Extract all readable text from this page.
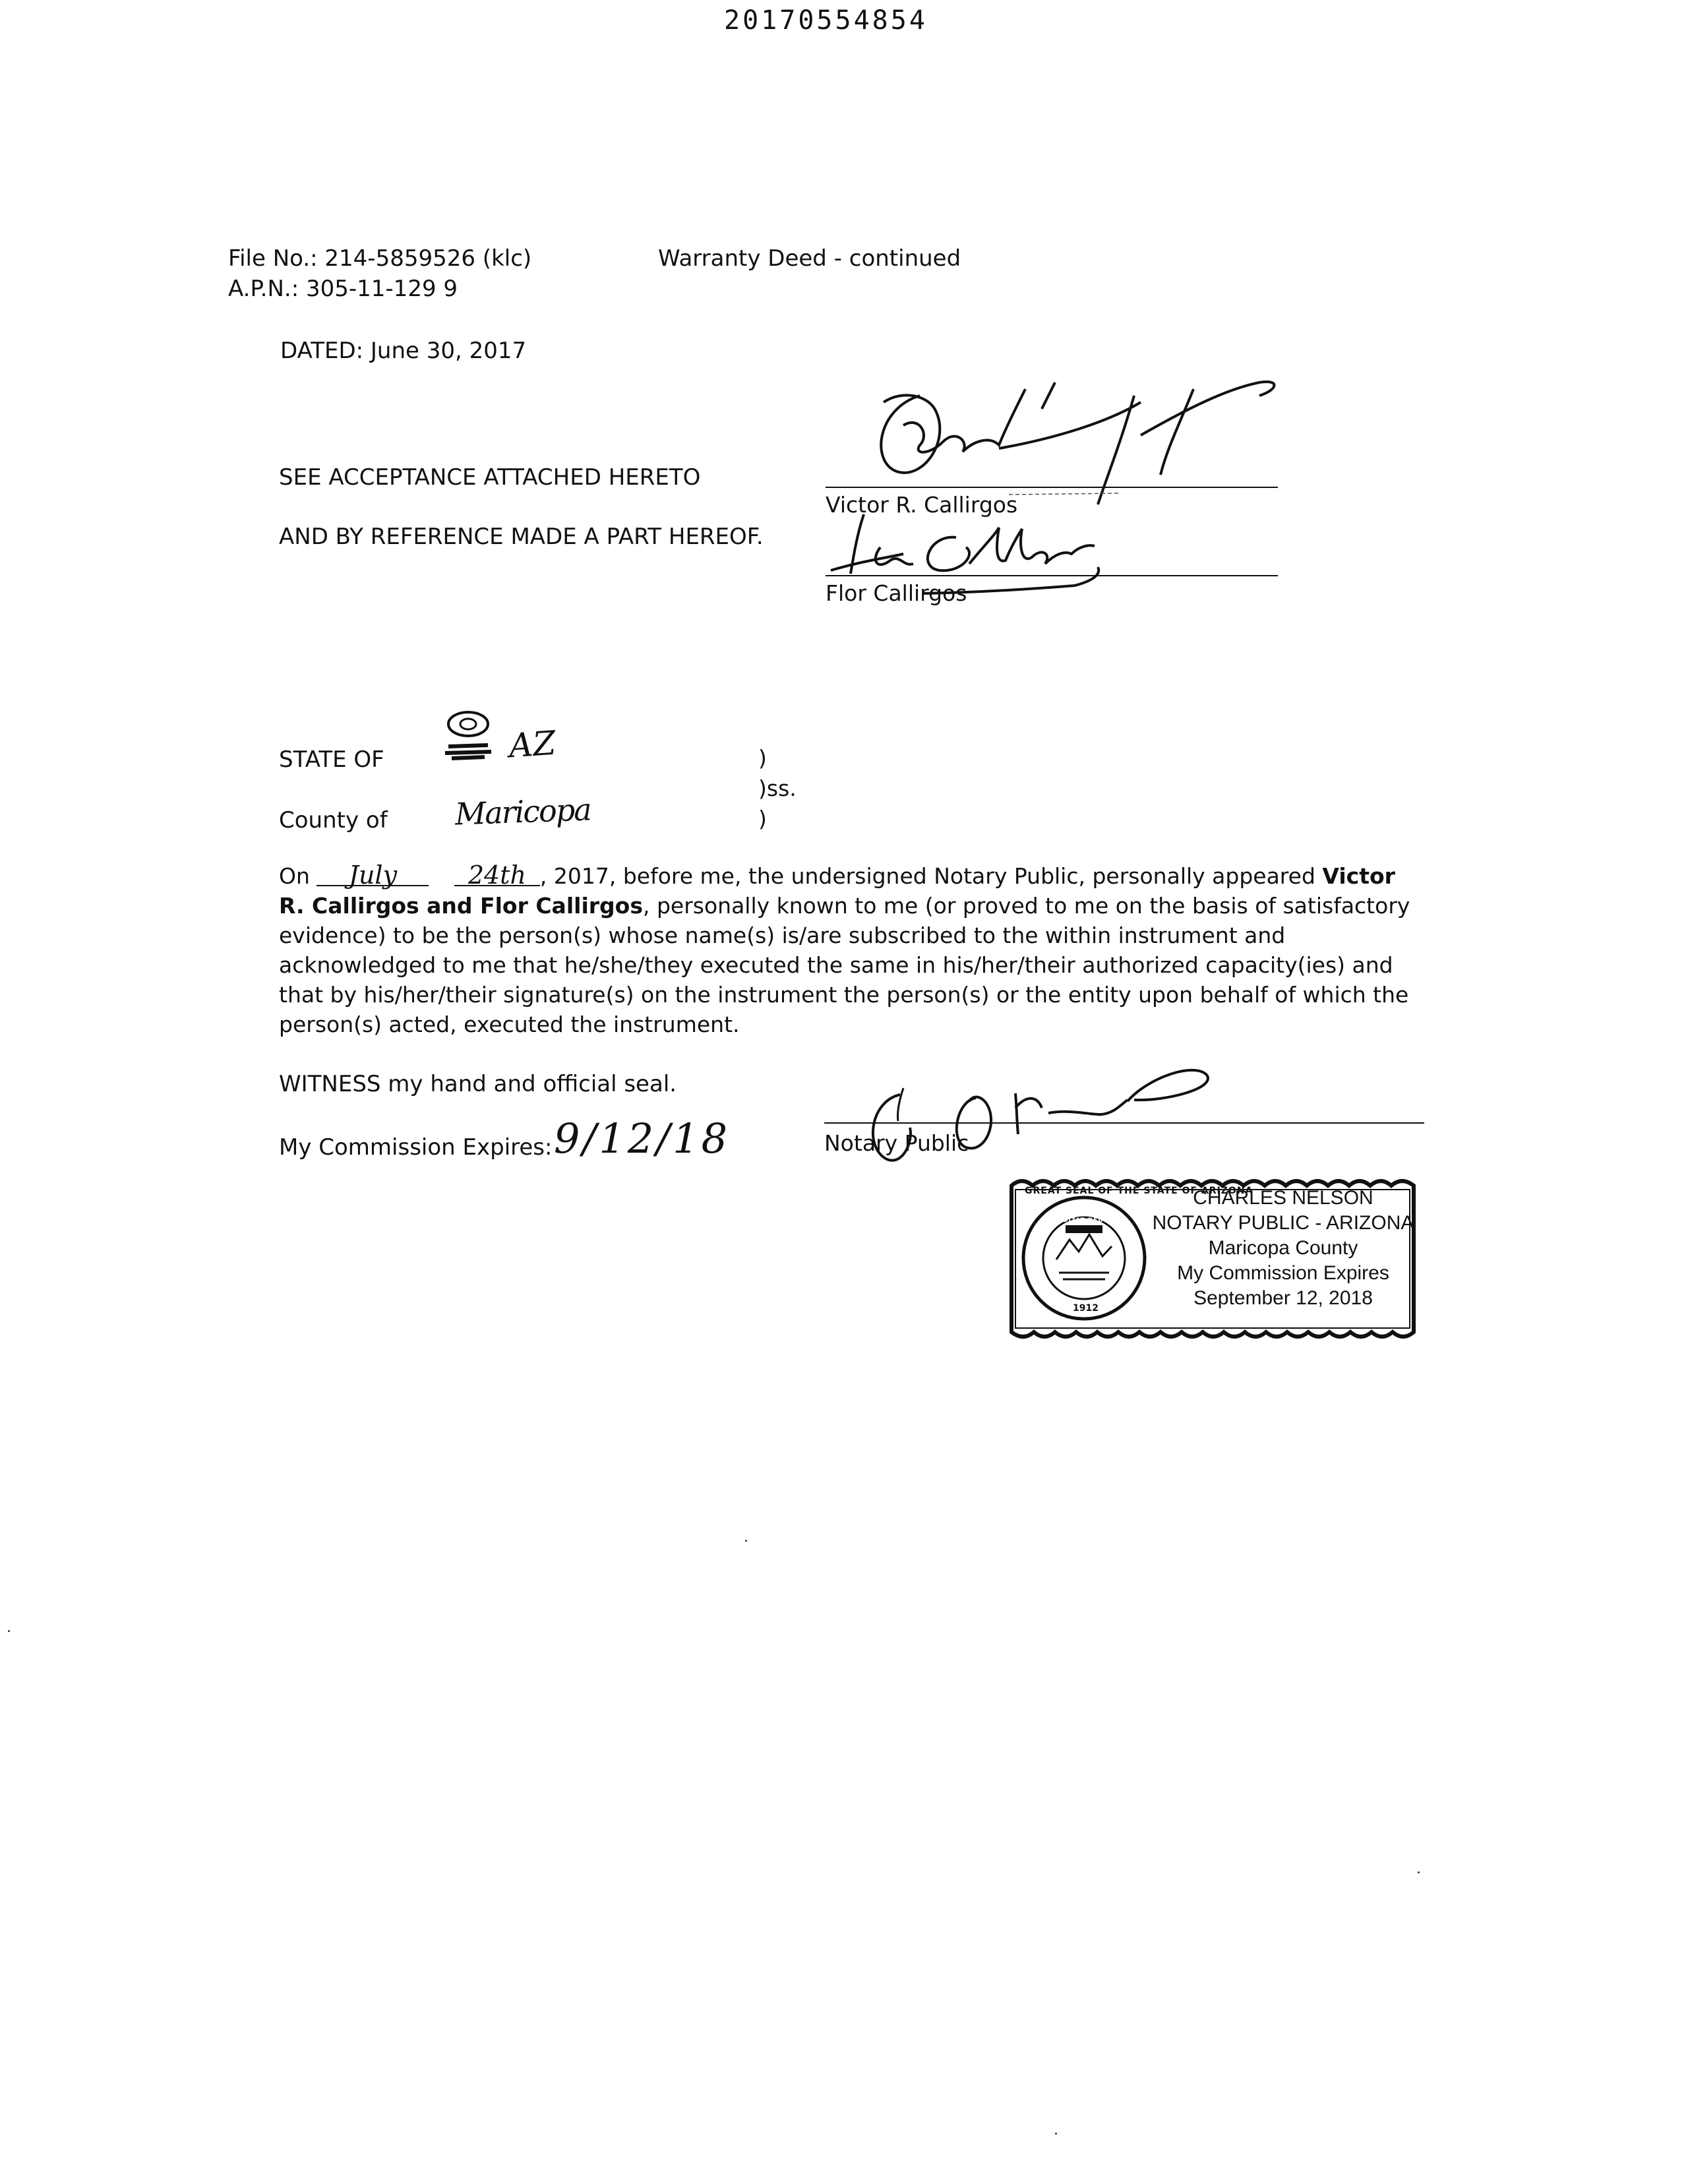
20170554854
File No.: 214-5859526 (klc)
A.P.N.: 305-11-129 9
Warranty Deed - continued
DATED: June 30, 2017
SEE ACCEPTANCE ATTACHED HERETO
AND BY REFERENCE MADE A PART HEREOF.
Victor R. Callirgos
Flor Callirgos
STATE OF	AZ
County of Maricopa
)
)ss.
)
On July	24th , 2017, before me, the undersigned Notary Public, personally appeared Victor R. Callirgos and Flor Callirgos, personally known to me (or proved to me on the basis of satisfactory evidence) to be the person(s) whose name(s) is/are subscribed to the within instrument and acknowledged to me that he/she/they executed the same in his/her/their authorized capacity(ies) and that by his/her/their signature(s) on the instrument the person(s) or the entity upon behalf of which the person(s) acted, executed the instrument.
WITNESS my hand and official seal.
My Commission Expires: 9/12/18	Notary Public
DITAT DEUS
1912
GREAT SEAL OF THE STATE OF ARIZONA
CHARLES NELSON
NOTARY PUBLIC - ARIZONA
Maricopa County
My Commission Expires
September 12, 2018
